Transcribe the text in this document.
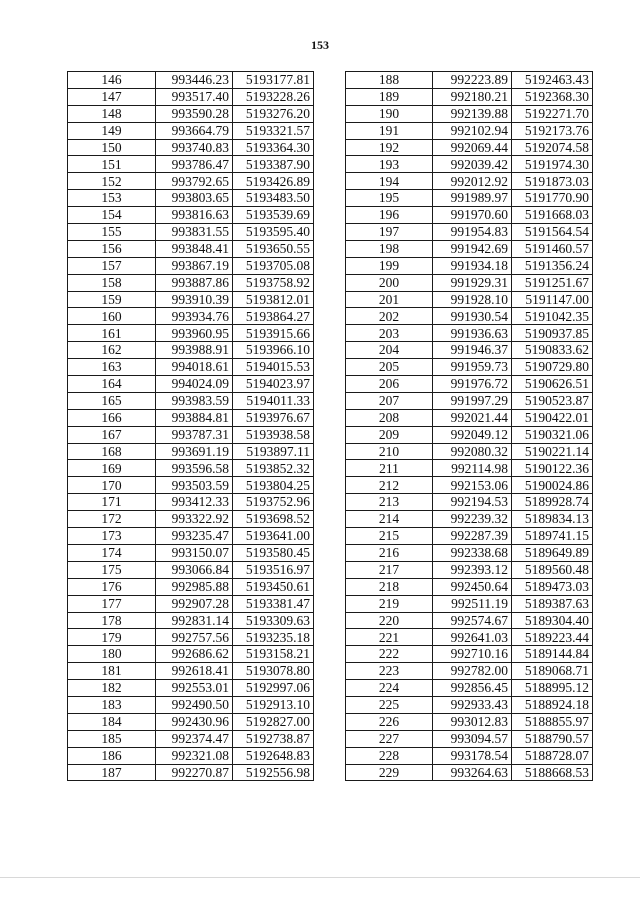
153
146	993446.23	5193177.81
147	993517.40	5193228.26
148	993590.28	5193276.20
149	993664.79	5193321.57
150	993740.83	5193364.30
151	993786.47	5193387.90
152	993792.65	5193426.89
153	993803.65	5193483.50
154	993816.63	5193539.69
155	993831.55	5193595.40
156	993848.41	5193650.55
157	993867.19	5193705.08
158	993887.86	5193758.92
159	993910.39	5193812.01
160	993934.76	5193864.27
161	993960.95	5193915.66
162	993988.91	5193966.10
163	994018.61	5194015.53
164	994024.09	5194023.97
165	993983.59	5194011.33
166	993884.81	5193976.67
167	993787.31	5193938.58
168	993691.19	5193897.11
169	993596.58	5193852.32
170	993503.59	5193804.25
171	993412.33	5193752.96
172	993322.92	5193698.52
173	993235.47	5193641.00
174	993150.07	5193580.45
175	993066.84	5193516.97
176	992985.88	5193450.61
177	992907.28	5193381.47
178	992831.14	5193309.63
179	992757.56	5193235.18
180	992686.62	5193158.21
181	992618.41	5193078.80
182	992553.01	5192997.06
183	992490.50	5192913.10
184	992430.96	5192827.00
185	992374.47	5192738.87
186	992321.08	5192648.83
187	992270.87	5192556.98
188	992223.89	5192463.43
189	992180.21	5192368.30
190	992139.88	5192271.70
191	992102.94	5192173.76
192	992069.44	5192074.58
193	992039.42	5191974.30
194	992012.92	5191873.03
195	991989.97	5191770.90
196	991970.60	5191668.03
197	991954.83	5191564.54
198	991942.69	5191460.57
199	991934.18	5191356.24
200	991929.31	5191251.67
201	991928.10	5191147.00
202	991930.54	5191042.35
203	991936.63	5190937.85
204	991946.37	5190833.62
205	991959.73	5190729.80
206	991976.72	5190626.51
207	991997.29	5190523.87
208	992021.44	5190422.01
209	992049.12	5190321.06
210	992080.32	5190221.14
211	992114.98	5190122.36
212	992153.06	5190024.86
213	992194.53	5189928.74
214	992239.32	5189834.13
215	992287.39	5189741.15
216	992338.68	5189649.89
217	992393.12	5189560.48
218	992450.64	5189473.03
219	992511.19	5189387.63
220	992574.67	5189304.40
221	992641.03	5189223.44
222	992710.16	5189144.84
223	992782.00	5189068.71
224	992856.45	5188995.12
225	992933.43	5188924.18
226	993012.83	5188855.97
227	993094.57	5188790.57
228	993178.54	5188728.07
229	993264.63	5188668.53
